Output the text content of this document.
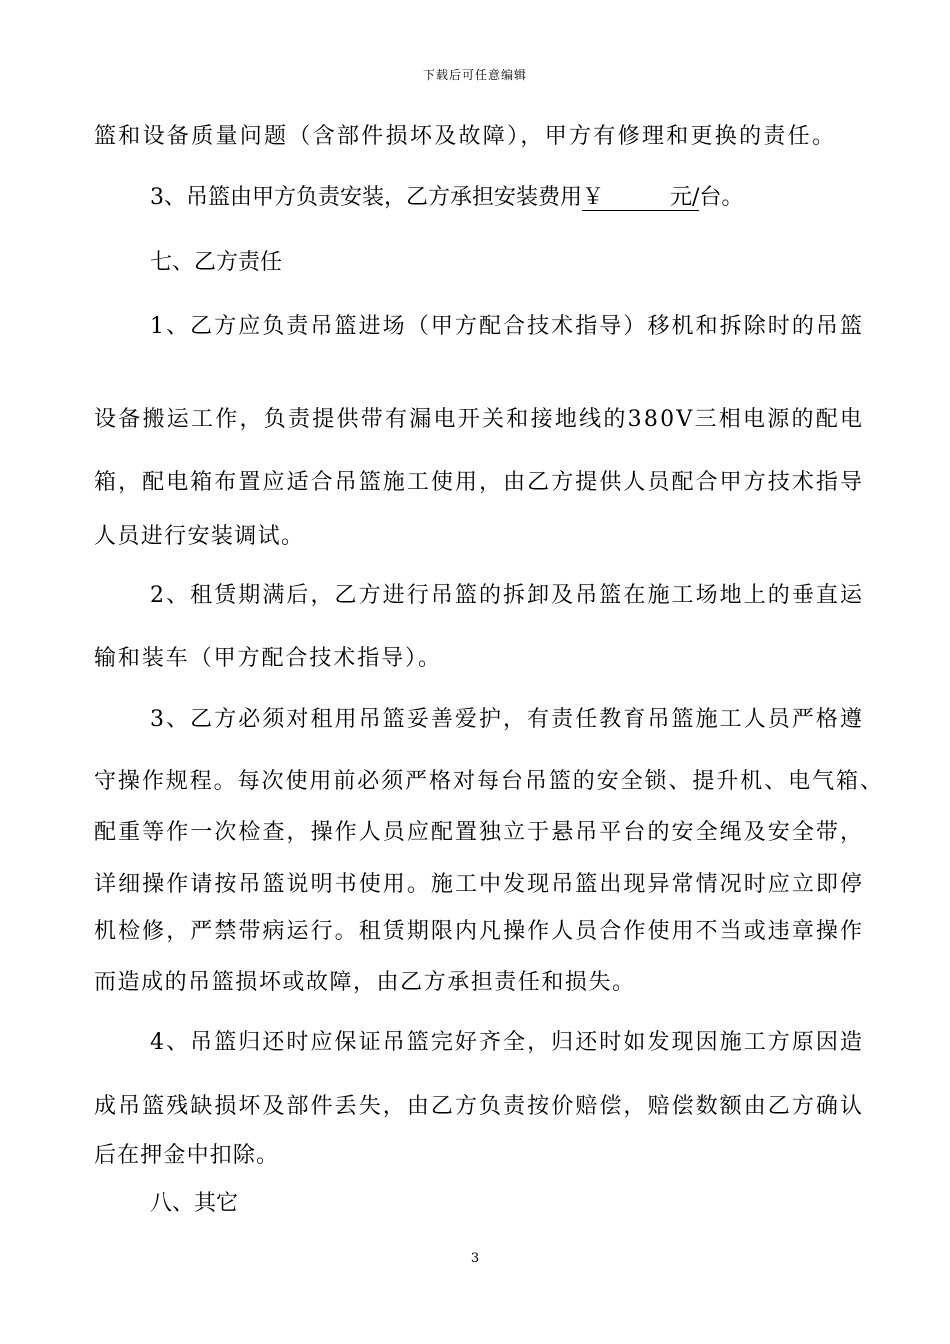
下载后可任意编辑
篮和设备质量问题（含部件损坏及故障），甲方有修理和更换的责任。
3、吊篮由甲方负责安装，乙方承担安装费用￥　　　元/台。
七、乙方责任
1、乙方应负责吊篮进场（甲方配合技术指导）移机和拆除时的吊篮
设备搬运工作，负责提供带有漏电开关和接地线的380V三相电源的配电
箱，配电箱布置应适合吊篮施工使用，由乙方提供人员配合甲方技术指导
人员进行安装调试。
2、租赁期满后，乙方进行吊篮的拆卸及吊篮在施工场地上的垂直运
输和装车（甲方配合技术指导）。
3、乙方必须对租用吊篮妥善爱护，有责任教育吊篮施工人员严格遵
守操作规程。每次使用前必须严格对每台吊篮的安全锁、提升机、电气箱、
配重等作一次检查，操作人员应配置独立于悬吊平台的安全绳及安全带，
详细操作请按吊篮说明书使用。施工中发现吊篮出现异常情况时应立即停
机检修，严禁带病运行。租赁期限内凡操作人员合作使用不当或违章操作
而造成的吊篮损坏或故障，由乙方承担责任和损失。
4、吊篮归还时应保证吊篮完好齐全，归还时如发现因施工方原因造
成吊篮残缺损坏及部件丢失，由乙方负责按价赔偿，赔偿数额由乙方确认
后在押金中扣除。
八、其它
3
